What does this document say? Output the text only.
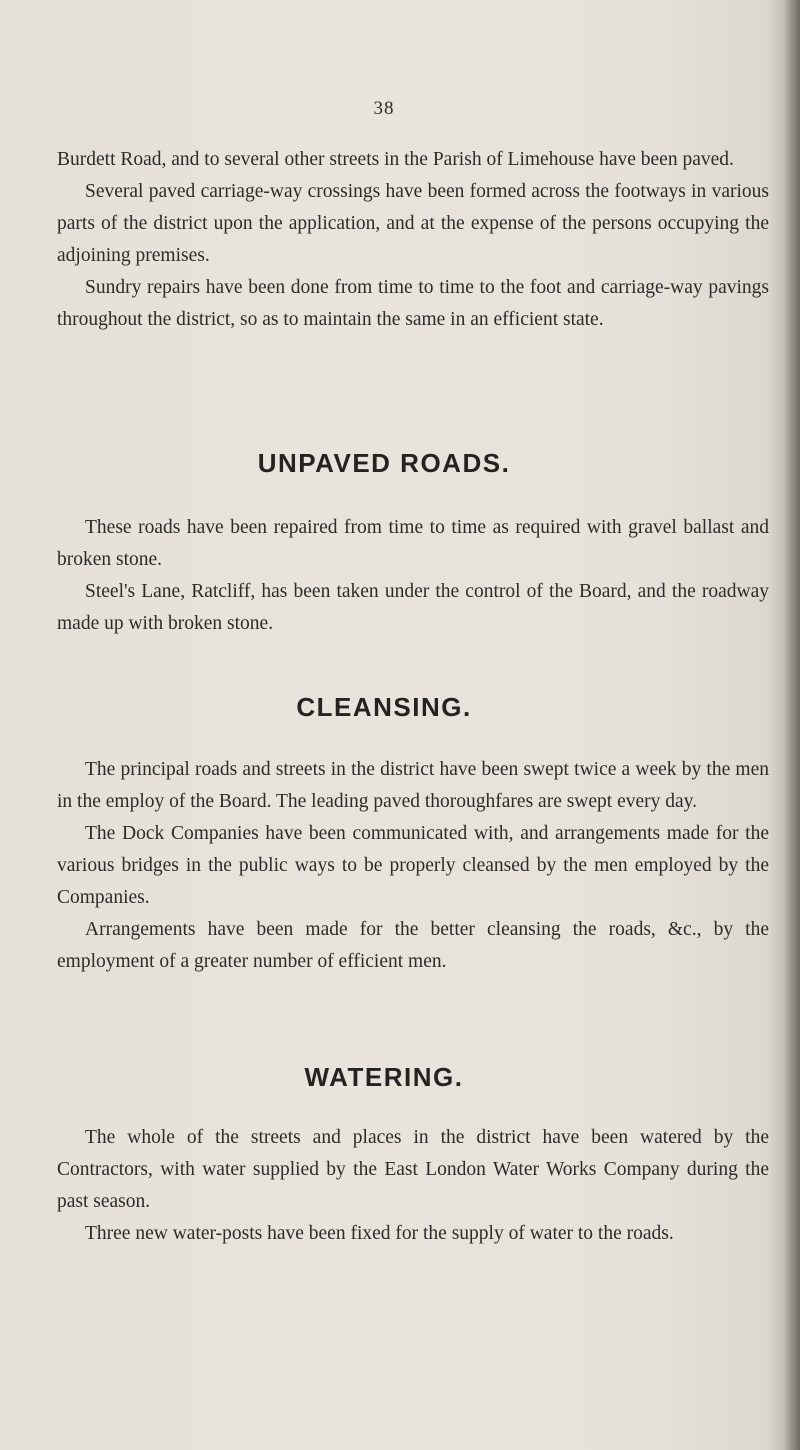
38

Burdett Road, and to several other streets in the Parish of Limehouse have been paved.

Several paved carriage-way crossings have been formed across the footways in various parts of the district upon the application, and at the expense of the persons occupying the adjoining premises.

Sundry repairs have been done from time to time to the foot and carriage-way pavings throughout the district, so as to maintain the same in an efficient state.

UNPAVED ROADS.

These roads have been repaired from time to time as required with gravel ballast and broken stone.

Steel's Lane, Ratcliff, has been taken under the control of the Board, and the roadway made up with broken stone.

CLEANSING.

The principal roads and streets in the district have been swept twice a week by the men in the employ of the Board. The leading paved thoroughfares are swept every day.

The Dock Companies have been communicated with, and arrangements made for the various bridges in the public ways to be properly cleansed by the men employed by the Companies.

Arrangements have been made for the better cleansing the roads, &c., by the employment of a greater number of efficient men.

WATERING.

The whole of the streets and places in the district have been watered by the Contractors, with water supplied by the East London Water Works Company during the past season.

Three new water-posts have been fixed for the supply of water to the roads.
